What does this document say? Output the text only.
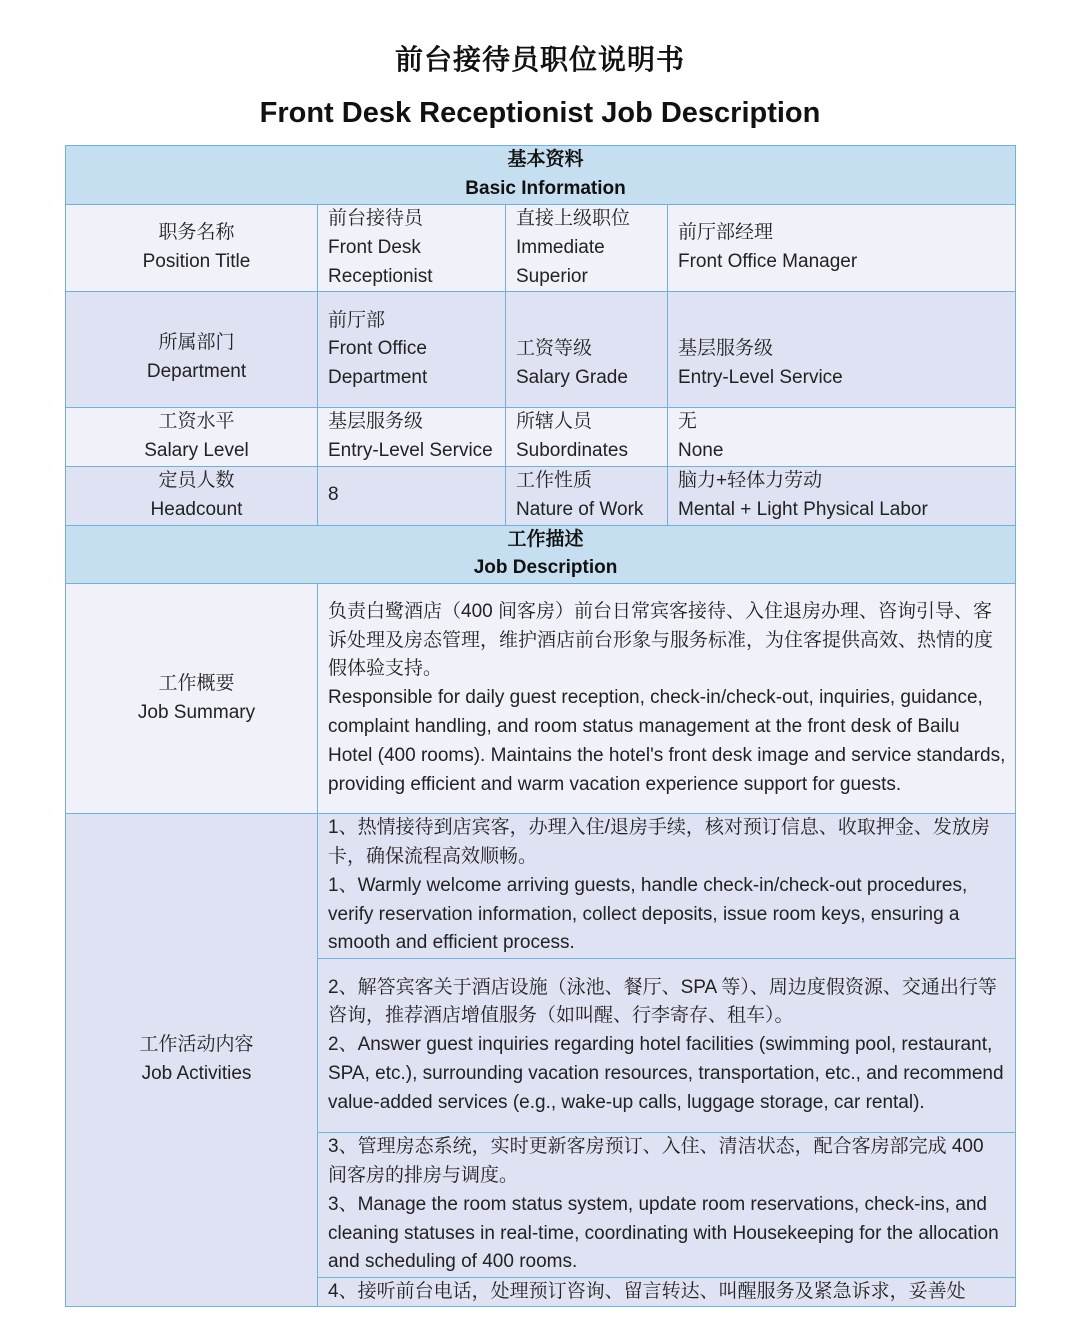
前台接待员职位说明书
Front Desk Receptionist Job Description
基本资料
Basic Information			

职务名称
Position Title	前台接待员
Front Desk
Receptionist	直接上级职位
Immediate
Superior	前厅部经理
Front Office Manager

所属部门
Department	前厅部
Front Office
Department	工资等级
Salary Grade	基层服务级
Entry-Level Service

工资水平
Salary Level	基层服务级
Entry-Level Service	所辖人员
Subordinates	无
None

定员人数
Headcount	8	工作性质
Nature of Work	脑力+轻体力劳动
Mental + Light Physical Labor

工作描述
Job Description			

工作概要
Job Summary	负责白鹭酒店（400 间客房）前台日常宾客接待、入住退房办理、咨询引导、客诉处理及房态管理，维护酒店前台形象与服务标准，为住客提供高效、热情的度假体验支持。
Responsible for daily guest reception, check-in/check-out, inquiries, guidance, complaint handling, and room status management at the front desk of Bailu Hotel (400 rooms). Maintains the hotel's front desk image and service standards, providing efficient and warm vacation experience support for guests.		

工作活动内容
Job Activities	1、热情接待到店宾客，办理入住/退房手续，核对预订信息、收取押金、发放房卡，确保流程高效顺畅。
1、Warmly welcome arriving guests, handle check-in/check-out procedures, verify reservation information, collect deposits, issue room keys, ensuring a smooth and efficient process.		

	2、解答宾客关于酒店设施（泳池、餐厅、SPA 等）、周边度假资源、交通出行等咨询，推荐酒店增值服务（如叫醒、行李寄存、租车）。
2、Answer guest inquiries regarding hotel facilities (swimming pool, restaurant, SPA, etc.), surrounding vacation resources, transportation, etc., and recommend value-added services (e.g., wake-up calls, luggage storage, car rental).		

	3、管理房态系统，实时更新客房预订、入住、清洁状态，配合客房部完成 400 间客房的排房与调度。
3、Manage the room status system, update room reservations, check-ins, and cleaning statuses in real-time, coordinating with Housekeeping for the allocation and scheduling of 400 rooms.		

	4、接听前台电话，处理预订咨询、留言转达、叫醒服务及紧急诉求，妥善处		
